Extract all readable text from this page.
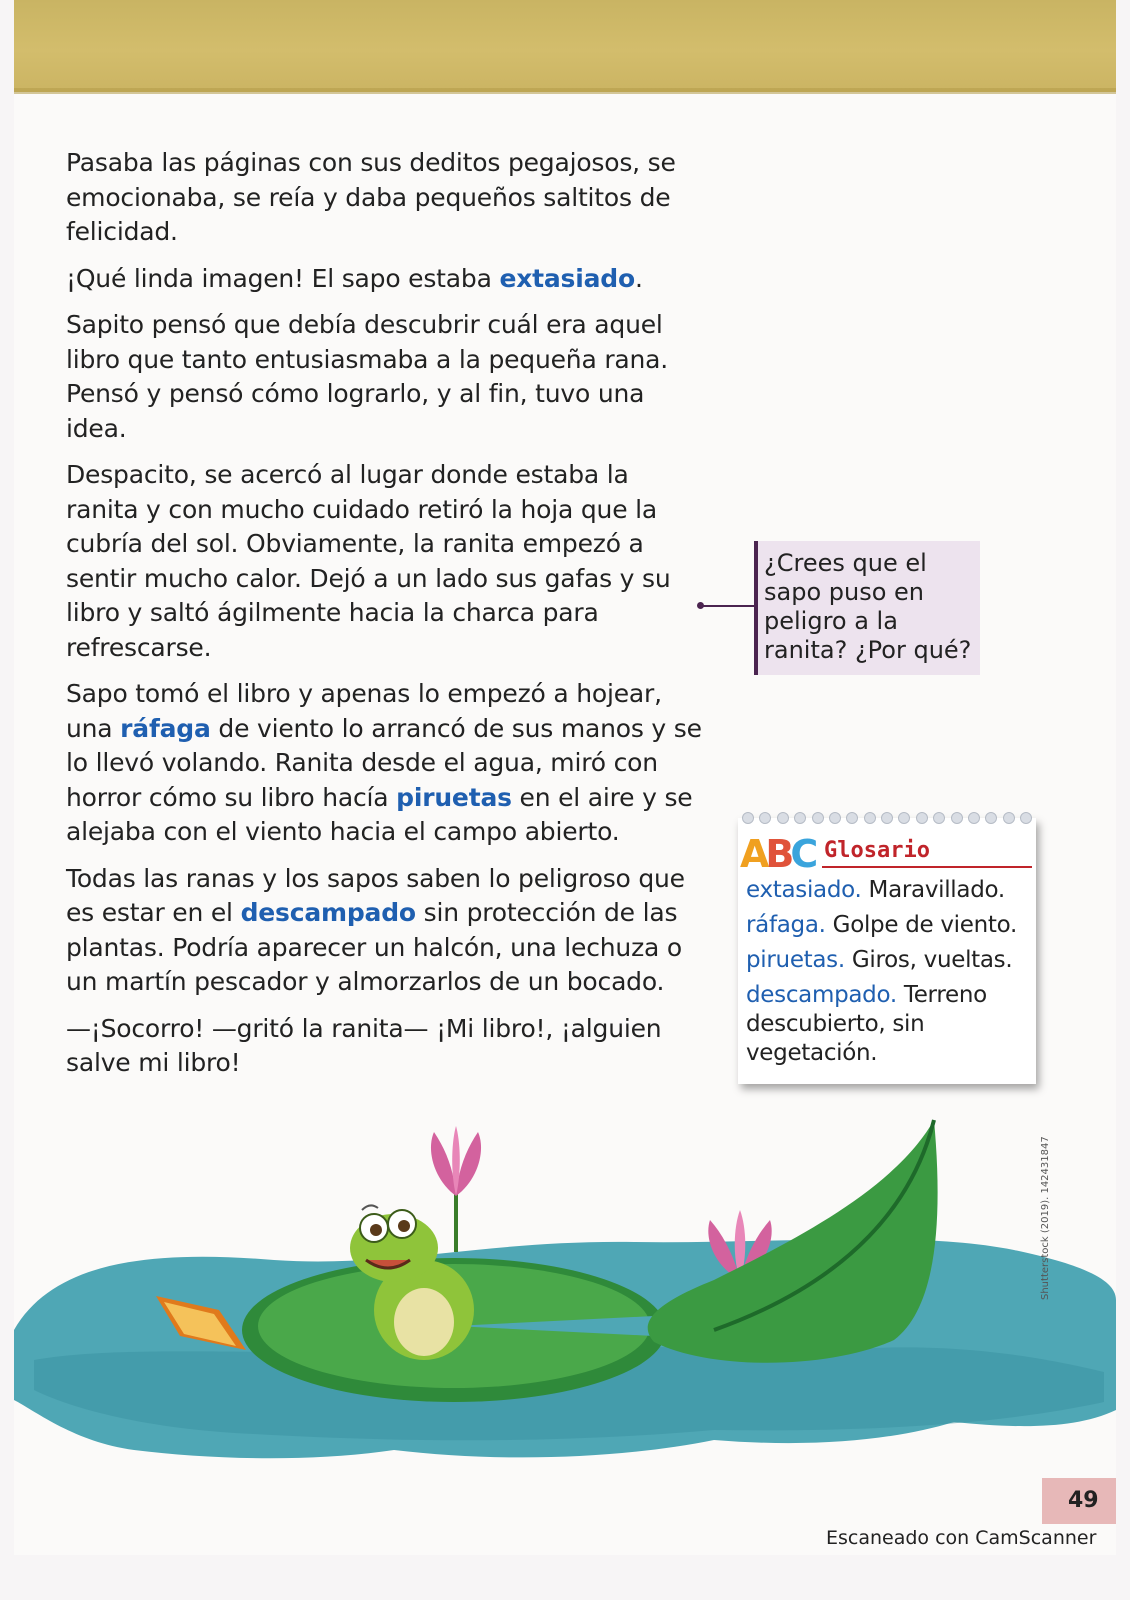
Pasaba las páginas con sus deditos pegajosos, se emocionaba, se reía y daba pequeños saltitos de felicidad.

¡Qué linda imagen! El sapo estaba extasiado.

Sapito pensó que debía descubrir cuál era aquel libro que tanto entusiasmaba a la pequeña rana. Pensó y pensó cómo lograrlo, y al fin, tuvo una idea.

Despacito, se acercó al lugar donde estaba la ranita y con mucho cuidado retiró la hoja que la cubría del sol. Obviamente, la ranita empezó a sentir mucho calor. Dejó a un lado sus gafas y su libro y saltó ágilmente hacia la charca para refrescarse.

Sapo tomó el libro y apenas lo empezó a hojear, una ráfaga de viento lo arrancó de sus manos y se lo llevó volando. Ranita desde el agua, miró con horror cómo su libro hacía piruetas en el aire y se alejaba con el viento hacia el campo abierto.

Todas las ranas y los sapos saben lo peligroso que es estar en el descampado sin protección de las plantas. Podría aparecer un halcón, una lechuza o un martín pescador y almorzarlos de un bocado.

—¡Socorro! —gritó la ranita— ¡Mi libro!, ¡alguien salve mi libro!

¿Crees que el sapo puso en peligro a la ranita? ¿Por qué?
ABC Glosario
extasiado. Maravillado.
ráfaga. Golpe de viento.
piruetas. Giros, vueltas.
descampado. Terreno descubierto, sin vegetación.
Shutterstock (2019). 142431847
49
Escaneado con CamScanner
